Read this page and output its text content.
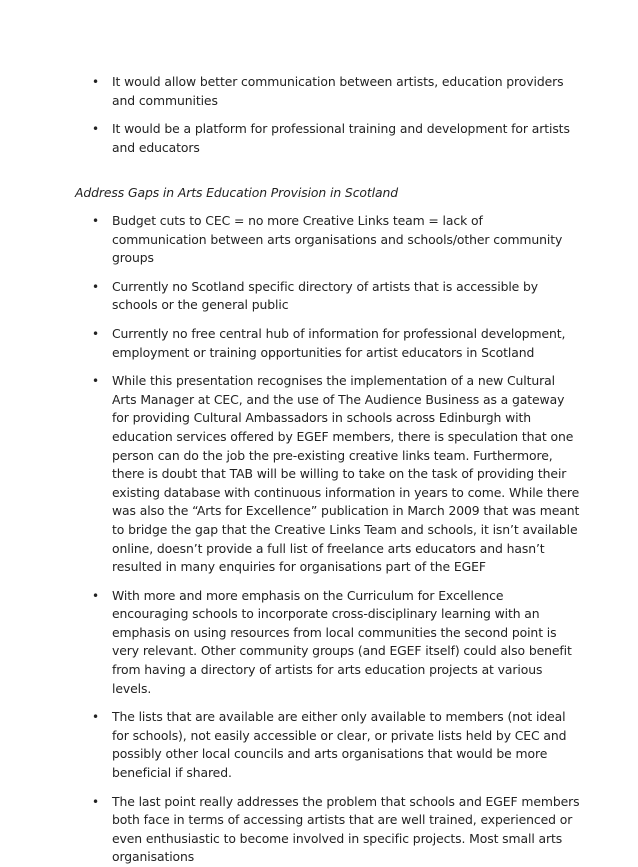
• It would allow better communication between artists, education providers and communities
• It would be a platform for professional training and development for artists and educators
Address Gaps in Arts Education Provision in Scotland
• Budget cuts to CEC = no more Creative Links team = lack of communication between arts organisations and schools/other community groups
• Currently no Scotland specific directory of artists that is accessible by schools or the general public
• Currently no free central hub of information for professional development, employment or training opportunities for artist educators in Scotland
• While this presentation recognises the implementation of a new Cultural Arts Manager at CEC, and the use of The Audience Business as a gateway for providing Cultural Ambassadors in schools across Edinburgh with education services offered by EGEF members, there is speculation that one person can do the job the pre-existing creative links team. Furthermore, there is doubt that TAB will be willing to take on the task of providing their existing database with continuous information in years to come. While there was also the “Arts for Excellence” publication in March 2009 that was meant to bridge the gap that the Creative Links Team and schools, it isn’t available online, doesn’t provide a full list of freelance arts educators and hasn’t resulted in many enquiries for organisations part of the EGEF
• With more and more emphasis on the Curriculum for Excellence encouraging schools to incorporate cross-disciplinary learning with an emphasis on using resources from local communities the second point is very relevant. Other community groups (and EGEF itself) could also benefit from having a directory of artists for arts education projects at various levels.
• The lists that are available are either only available to members (not ideal for schools), not easily accessible or clear, or private lists held by CEC and possibly other local councils and arts organisations that would be more beneficial if shared.
• The last point really addresses the problem that schools and EGEF members both face in terms of accessing artists that are well trained, experienced or even enthusiastic to become involved in specific projects. Most small arts organisations
